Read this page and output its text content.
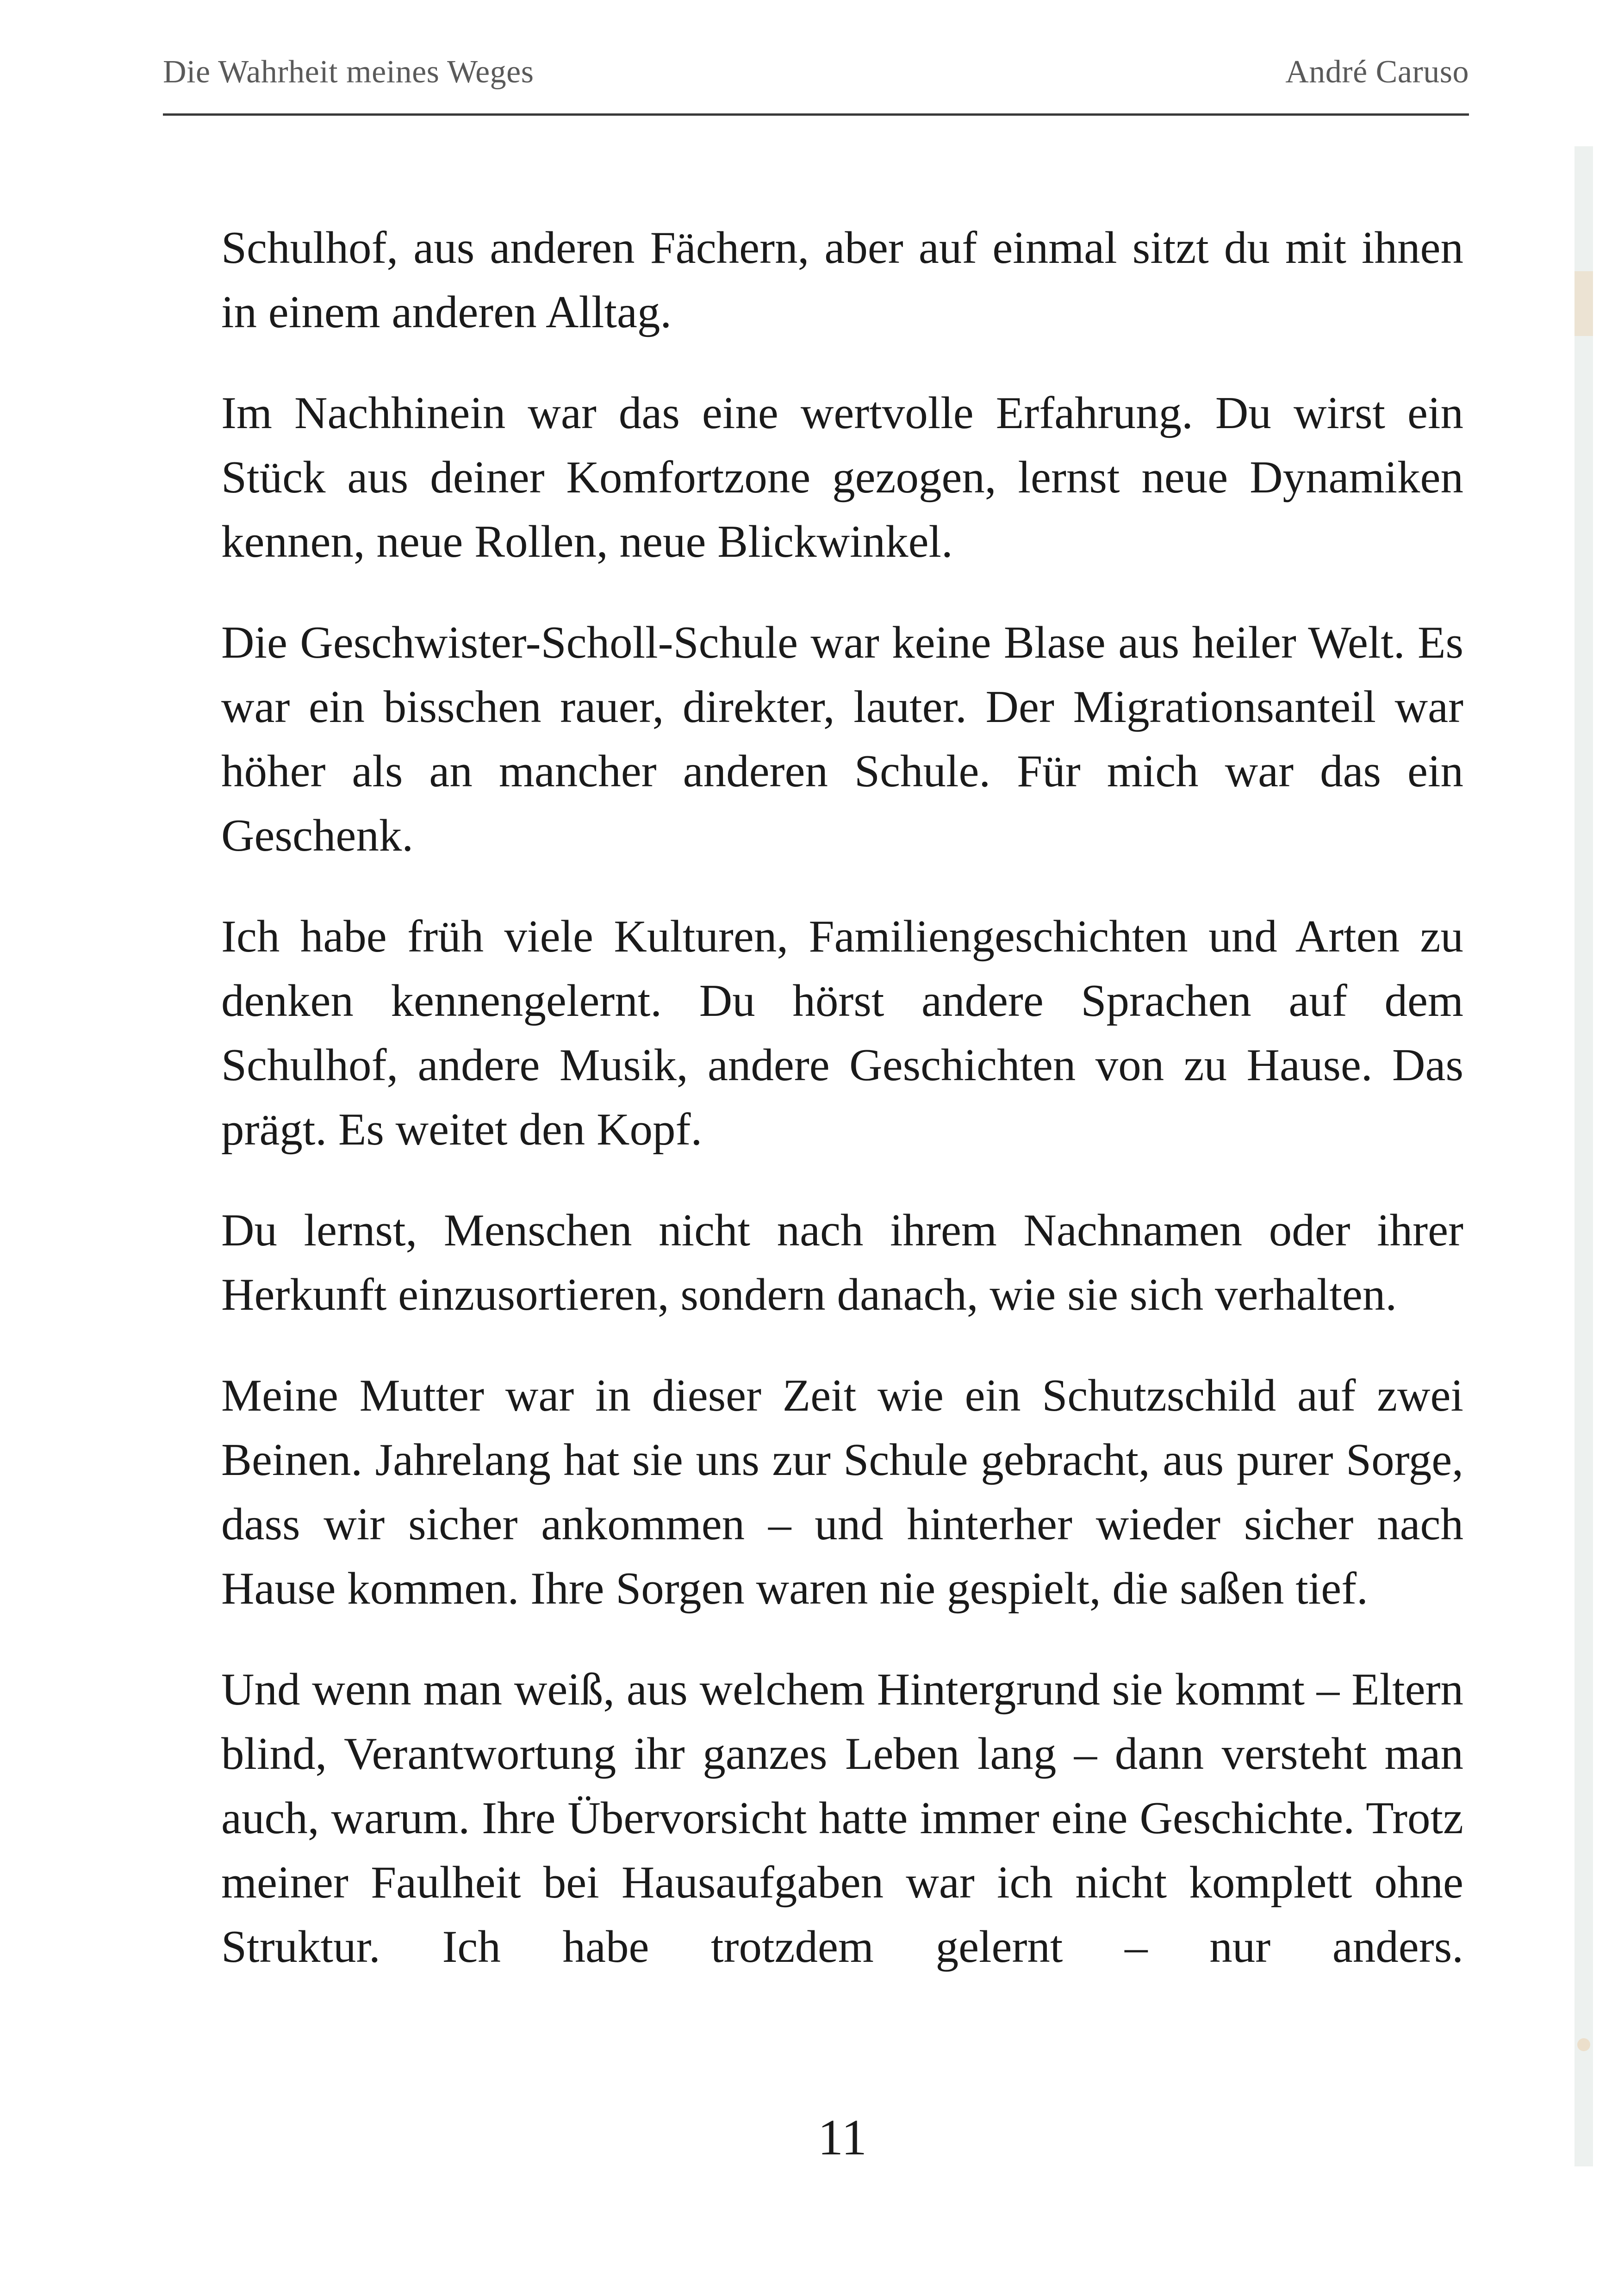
Die Wahrheit meines Weges	André Caruso

Schulhof, aus anderen Fächern, aber auf einmal sitzt du mit ihnen in einem anderen Alltag.

Im Nachhinein war das eine wertvolle Erfahrung. Du wirst ein Stück aus deiner Komfortzone gezogen, lernst neue Dynamiken kennen, neue Rollen, neue Blickwinkel.

Die Geschwister-Scholl-Schule war keine Blase aus heiler Welt. Es war ein bisschen rauer, direkter, lauter. Der Migrationsanteil war höher als an mancher anderen Schule. Für mich war das ein Geschenk.

Ich habe früh viele Kulturen, Familiengeschichten und Arten zu denken kennengelernt. Du hörst andere Sprachen auf dem Schulhof, andere Musik, andere Geschichten von zu Hause. Das prägt. Es weitet den Kopf.

Du lernst, Menschen nicht nach ihrem Nachnamen oder ihrer Herkunft einzusortieren, sondern danach, wie sie sich verhalten.

Meine Mutter war in dieser Zeit wie ein Schutzschild auf zwei Beinen. Jahrelang hat sie uns zur Schule gebracht, aus purer Sorge, dass wir sicher ankommen – und hinterher wieder sicher nach Hause kommen. Ihre Sorgen waren nie gespielt, die saßen tief.

Und wenn man weiß, aus welchem Hintergrund sie kommt – Eltern blind, Verantwortung ihr ganzes Leben lang – dann versteht man auch, warum. Ihre Übervorsicht hatte immer eine Geschichte. Trotz meiner Faulheit bei Hausaufgaben war ich nicht komplett ohne Struktur. Ich habe trotzdem gelernt – nur anders.

11
